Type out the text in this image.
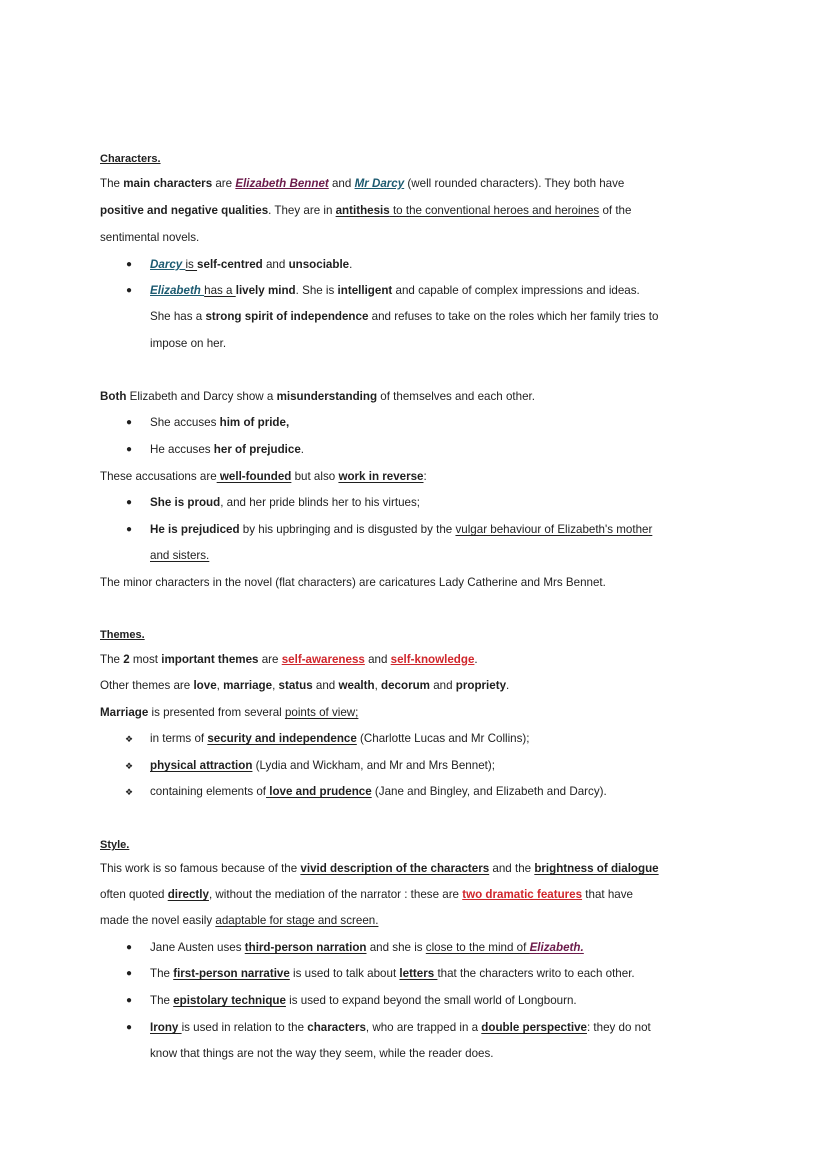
Characters.
The main characters are Elizabeth Bennet and Mr Darcy (well rounded characters). They both have
positive and negative qualities. They are in antithesis to the conventional heroes and heroines of the
sentimental novels.
● Darcy is self-centred and unsociable.
● Elizabeth has a lively mind. She is intelligent and capable of complex impressions and ideas.
She has a strong spirit of independence and refuses to take on the roles which her family tries to
impose on her.
Both Elizabeth and Darcy show a misunderstanding of themselves and each other.
● She accuses him of pride,
● He accuses her of prejudice.
These accusations are well-founded but also work in reverse:
● She is proud, and her pride blinds her to his virtues;
● He is prejudiced by his upbringing and is disgusted by the vulgar behaviour of Elizabeth's mother
and sisters.
The minor characters in the novel (flat characters) are caricatures Lady Catherine and Mrs Bennet.
Themes.
The 2 most important themes are self-awareness and self-knowledge.
Other themes are love, marriage, status and wealth, decorum and propriety.
Marriage is presented from several points of view;
❖ in terms of security and independence (Charlotte Lucas and Mr Collins);
❖ physical attraction (Lydia and Wickham, and Mr and Mrs Bennet);
❖ containing elements of love and prudence (Jane and Bingley, and Elizabeth and Darcy).
Style.
This work is so famous because of the vivid description of the characters and the brightness of dialogue
often quoted directly, without the mediation of the narrator : these are two dramatic features that have
made the novel easily adaptable for stage and screen.
● Jane Austen uses third-person narration and she is close to the mind of Elizabeth.
● The first-person narrative is used to talk about letters that the characters writo to each other.
● The epistolary technique is used to expand beyond the small world of Longbourn.
● Irony is used in relation to the characters, who are trapped in a double perspective: they do not
know that things are not the way they seem, while the reader does.
